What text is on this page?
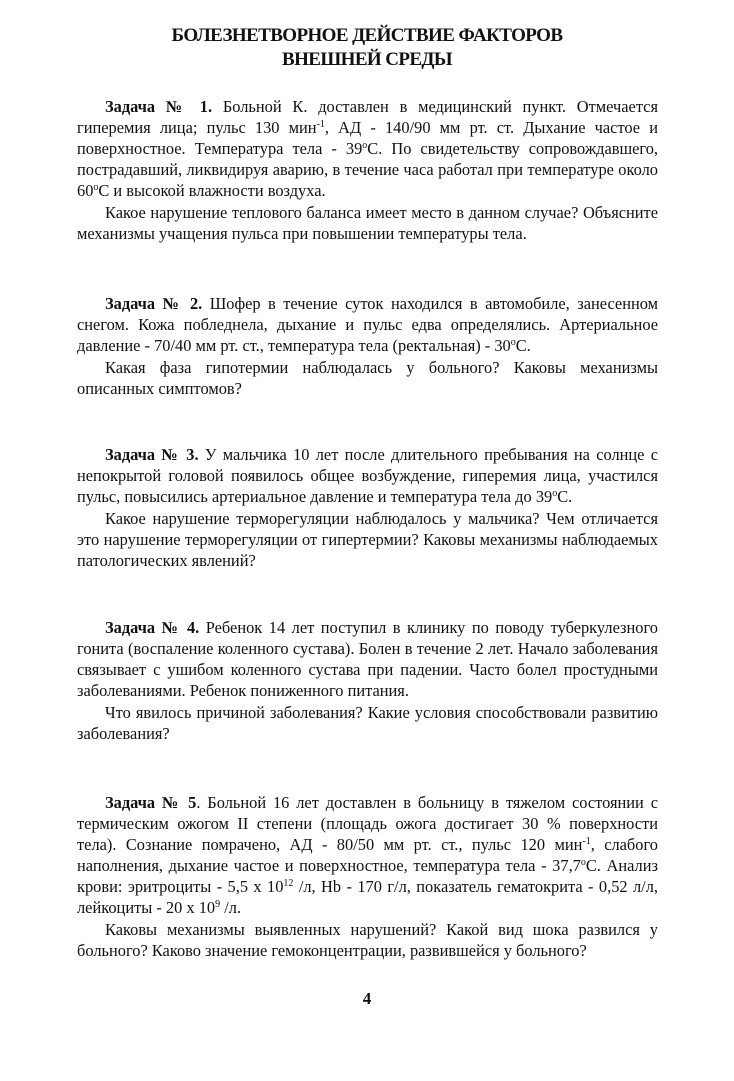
БОЛЕЗНЕТВОРНОЕ ДЕЙСТВИЕ ФАКТОРОВ
ВНЕШНЕЙ СРЕДЫ

Задача № 1. Больной К. доставлен в медицинский пункт. Отмечается гиперемия лица; пульс 130 мин$^{-1}$, АД - 140/90 мм рт. ст. Дыхание частое и поверхностное. Температура тела - $39^оС$. По свидетельству сопровождавшего, пострадавший, ликвидируя аварию, в течение часа работал при температуре около $60^оС$ и высокой влажности воздуха.

Какое нарушение теплового баланса имеет место в данном случае? Объясните механизмы учащения пульса при повышении температуры тела.

Задача № 2. Шофер в течение суток находился в автомобиле, занесенном снегом. Кожа побледнела, дыхание и пульс едва определялись. Артериальное давление - 70/40 мм рт. ст., температура тела (ректальная) - $30^оС$.

Какая фаза гипотермии наблюдалась у больного? Каковы механизмы описанных симптомов?

Задача № 3. У мальчика 10 лет после длительного пребывания на солнце с непокрытой головой появилось общее возбуждение, гиперемия лица, участился пульс, повысились артериальное давление и температура тела до $39^оС$.

Какое нарушение терморегуляции наблюдалось у мальчика? Чем отличается это нарушение терморегуляции от гипертермии? Каковы механизмы наблюдаемых патологических явлений?

Задача № 4. Ребенок 14 лет поступил в клинику по поводу туберкулезного гонита (воспаление коленного сустава). Болен в течение 2 лет. Начало заболевания связывает с ушибом коленного сустава при падении. Часто болел простудными заболеваниями. Ребенок пониженного питания.

Что явилось причиной заболевания? Какие условия способствовали развитию заболевания?

Задача № 5. Больной 16 лет доставлен в больницу в тяжелом состоянии с термическим ожогом II степени (площадь ожога достигает 30 % поверхности тела). Сознание помрачено, АД - 80/50 мм рт. ст., пульс 120 мин$^{-1}$, слабого наполнения, дыхание частое и поверхностное, температура тела - $37,7^оС$. Анализ крови: эритроциты - 5,5 х $10^{12}$ /л, Hb - 170 г/л, показатель гематокрита - 0,52 л/л, лейкоциты - 20 х $10^9$ /л.

Каковы механизмы выявленных нарушений? Какой вид шока развился у больного? Каково значение гемоконцентрации, развившейся у больного?

4
